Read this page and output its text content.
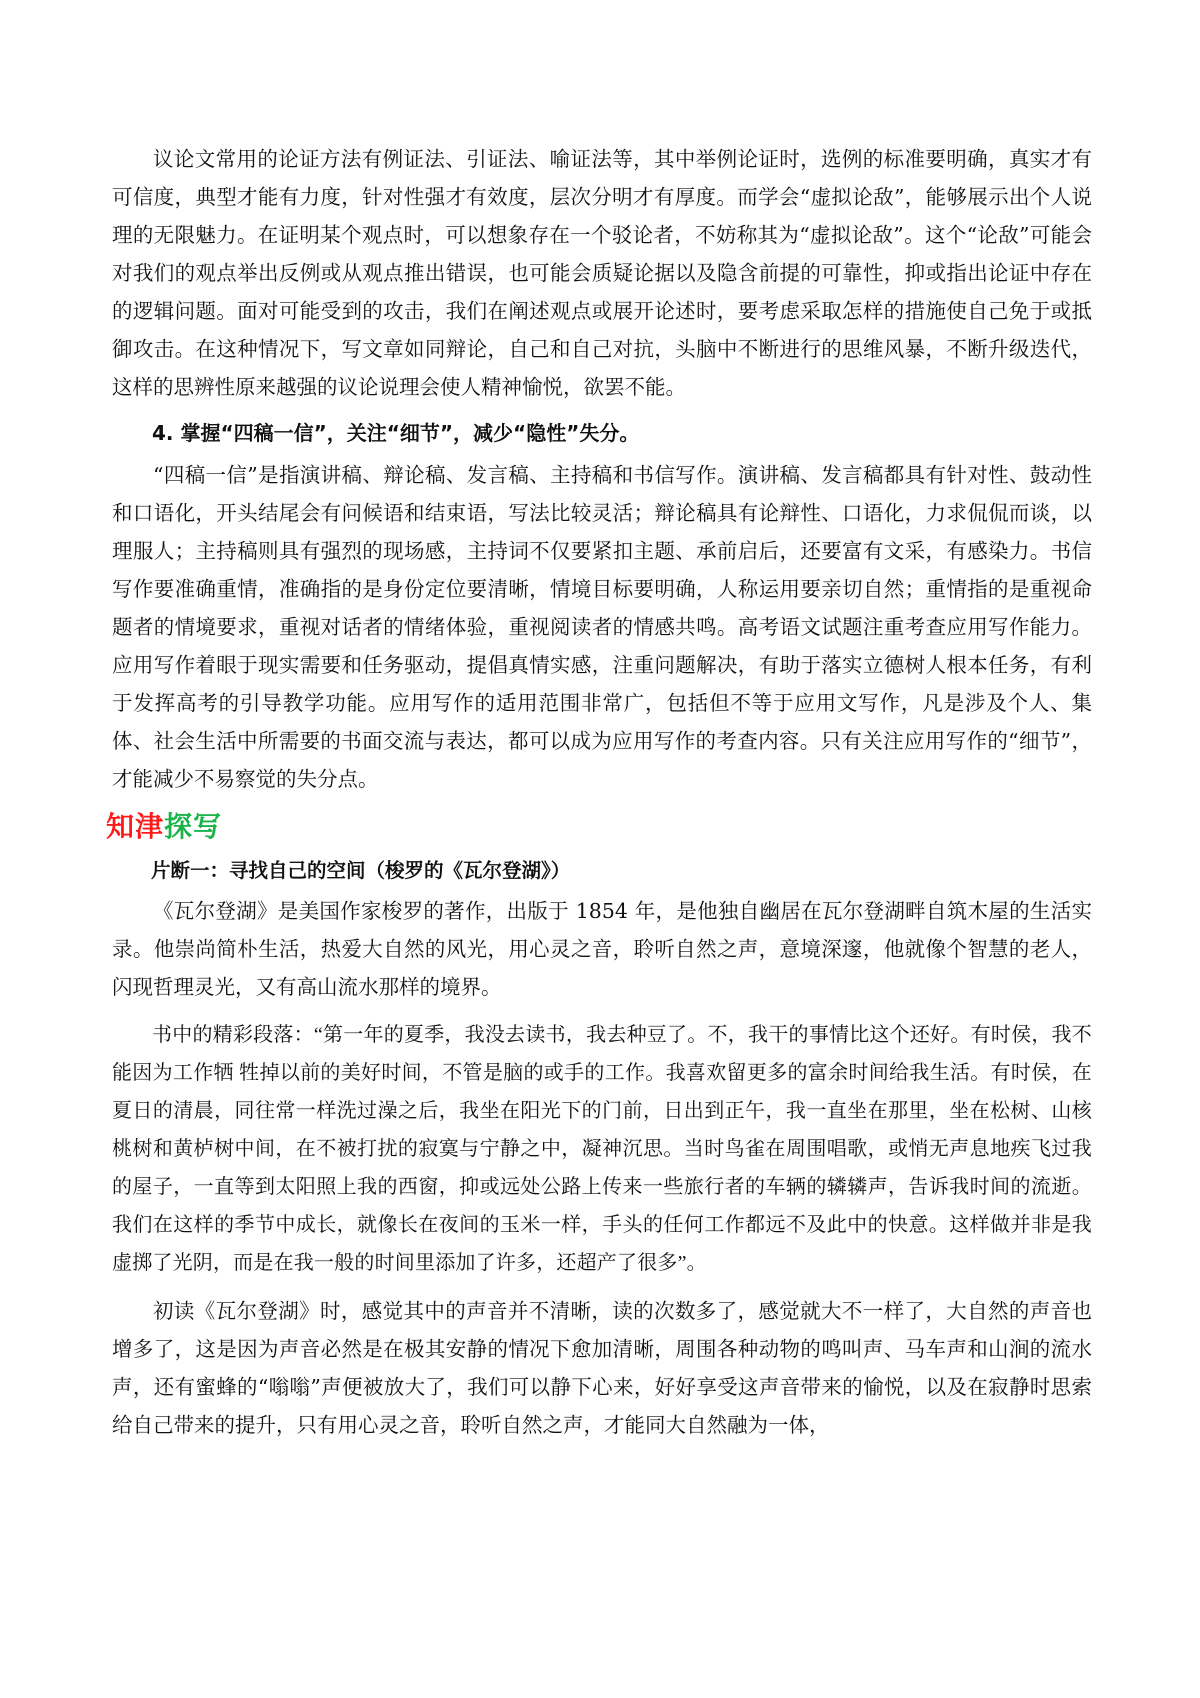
议论文常用的论证方法有例证法、引证法、喻证法等，其中举例论证时，选例的标准要明确，真实才有可信度，典型才能有力度，针对性强才有效度，层次分明才有厚度。而学会“虚拟论敌”，能够展示出个人说理的无限魅力。在证明某个观点时，可以想象存在一个驳论者，不妨称其为“虚拟论敌”。这个“论敌”可能会对我们的观点举出反例或从观点推出错误，也可能会质疑论据以及隐含前提的可靠性，抑或指出论证中存在的逻辑问题。面对可能受到的攻击，我们在阐述观点或展开论述时，要考虑采取怎样的措施使自己免于或抵御攻击。在这种情况下，写文章如同辩论，自己和自己对抗，头脑中不断进行的思维风暴，不断升级迭代，这样的思辨性原来越强的议论说理会使人精神愉悦，欲罢不能。

4. 掌握“四稿一信”，关注“细节”，减少“隐性”失分。

“四稿一信”是指演讲稿、辩论稿、发言稿、主持稿和书信写作。演讲稿、发言稿都具有针对性、鼓动性和口语化，开头结尾会有问候语和结束语，写法比较灵活；辩论稿具有论辩性、口语化，力求侃侃而谈，以理服人；主持稿则具有强烈的现场感，主持词不仅要紧扣主题、承前启后，还要富有文采，有感染力。书信写作要准确重情，准确指的是身份定位要清晰，情境目标要明确，人称运用要亲切自然；重情指的是重视命题者的情境要求，重视对话者的情绪体验，重视阅读者的情感共鸣。高考语文试题注重考查应用写作能力。应用写作着眼于现实需要和任务驱动，提倡真情实感，注重问题解决，有助于落实立德树人根本任务，有利于发挥高考的引导教学功能。应用写作的适用范围非常广，包括但不等于应用文写作，凡是涉及个人、集体、社会生活中所需要的书面交流与表达，都可以成为应用写作的考查内容。只有关注应用写作的“细节”，才能减少不易察觉的失分点。

知津探写
片断一：寻找自己的空间（梭罗的《瓦尔登湖》）

《瓦尔登湖》是美国作家梭罗的著作，出版于 1854 年，是他独自幽居在瓦尔登湖畔自筑木屋的生活实录。他崇尚简朴生活，热爱大自然的风光，用心灵之音，聆听自然之声，意境深邃，他就像个智慧的老人，闪现哲理灵光，又有高山流水那样的境界。

书中的精彩段落：“第一年的夏季，我没去读书，我去种豆了。不，我干的事情比这个还好。有时侯，我不能因为工作牺 牲掉以前的美好时间，不管是脑的或手的工作。我喜欢留更多的富余时间给我生活。有时侯，在夏日的清晨，同往常一样洗过澡之后，我坐在阳光下的门前，日出到正午，我一直坐在那里，坐在松树、山核桃树和黄栌树中间，在不被打扰的寂寞与宁静之中，凝神沉思。当时鸟雀在周围唱歌，或悄无声息地疾飞过我的屋子，一直等到太阳照上我的西窗，抑或远处公路上传来一些旅行者的车辆的辚辚声，告诉我时间的流逝。我们在这样的季节中成长，就像长在夜间的玉米一样，手头的任何工作都远不及此中的快意。这样做并非是我虚掷了光阴，而是在我一般的时间里添加了许多，还超产了很多”。

初读《瓦尔登湖》时，感觉其中的声音并不清晰，读的次数多了，感觉就大不一样了，大自然的声音也增多了，这是因为声音必然是在极其安静的情况下愈加清晰，周围各种动物的鸣叫声、马车声和山涧的流水声，还有蜜蜂的“嗡嗡”声便被放大了，我们可以静下心来，好好享受这声音带来的愉悦，以及在寂静时思索给自己带来的提升，只有用心灵之音，聆听自然之声，才能同大自然融为一体，
